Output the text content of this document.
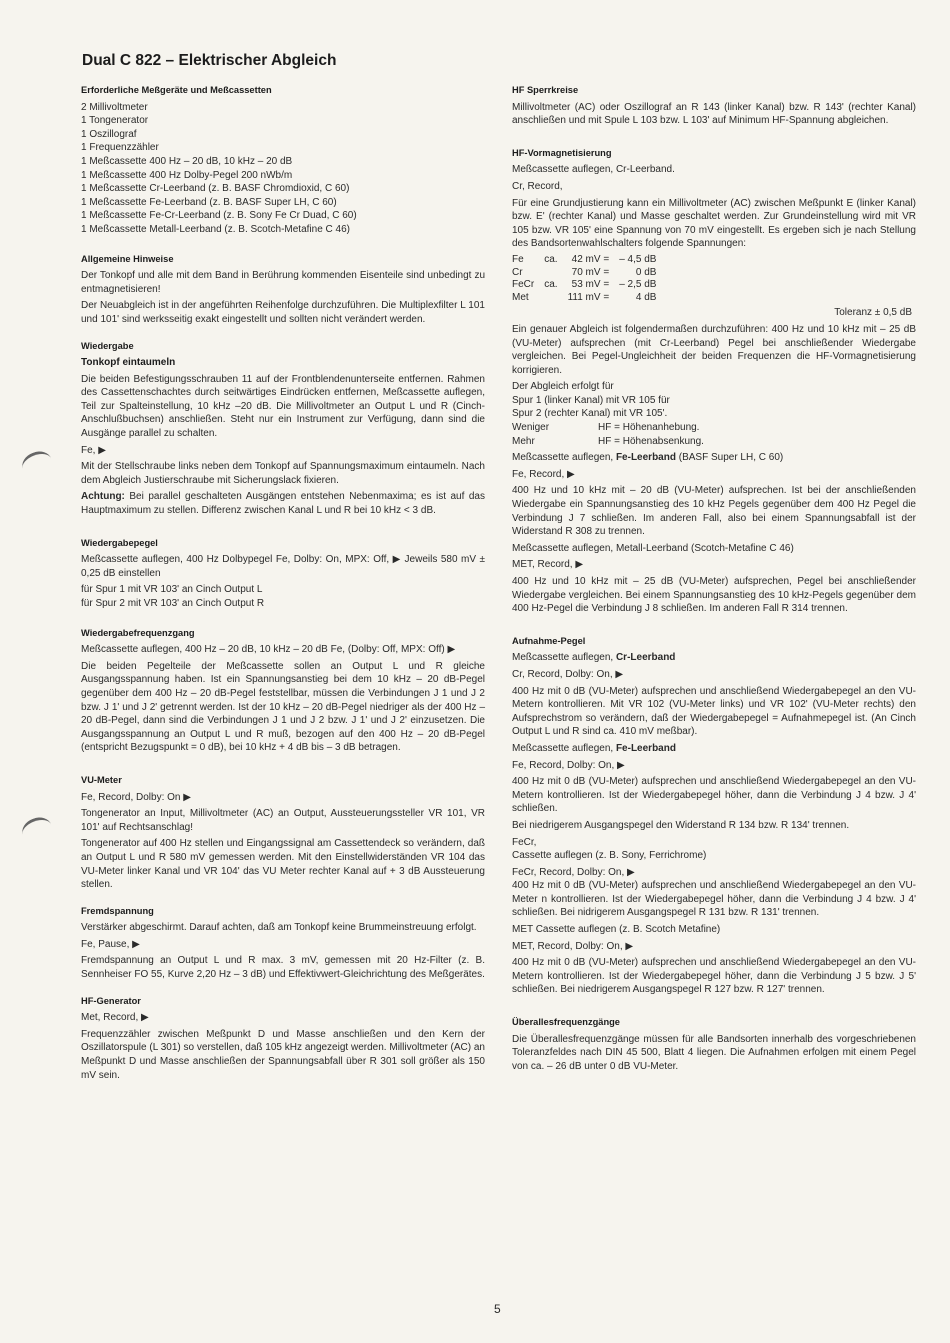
Dual C 822 – Elektrischer Abgleich
Erforderliche Meßgeräte und Meßcassetten
2 Millivoltmeter
1 Tongenerator
1 Oszillograf
1 Frequenzzähler
1 Meßcassette 400 Hz – 20 dB, 10 kHz – 20 dB
1 Meßcassette 400 Hz Dolby-Pegel 200 nWb/m
1 Meßcassette Cr-Leerband (z. B. BASF Chromdioxid, C 60)
1 Meßcassette Fe-Leerband (z. B. BASF Super LH, C 60)
1 Meßcassette Fe-Cr-Leerband (z. B. Sony Fe Cr Duad, C 60)
1 Meßcassette Metall-Leerband (z. B. Scotch-Metafine C 46)
Allgemeine Hinweise
Der Tonkopf und alle mit dem Band in Berührung kommenden Eisenteile sind unbedingt zu entmagnetisieren!
Der Neuabgleich ist in der angeführten Reihenfolge durchzuführen. Die Multiplexfilter L 101 und 101' sind werksseitig exakt eingestellt und sollten nicht verändert werden.
Wiedergabe
Tonkopf eintaumeln
Die beiden Befestigungsschrauben 11 auf der Frontblendenunterseite entfernen. Rahmen des Cassettenschachtes durch seitwärtiges Eindrücken entfernen, Meßcassette auflegen, Teil zur Spalteinstellung, 10 kHz –20 dB. Die Millivoltmeter an Output L und R (Cinch-Anschlußbuchsen) anschließen. Steht nur ein Instrument zur Verfügung, dann sind die Ausgänge parallel zu schalten.
Fe, ▶
Mit der Stellschraube links neben dem Tonkopf auf Spannungsmaximum eintaumeln. Nach dem Abgleich Justierschraube mit Sicherungslack fixieren.
Achtung: Bei parallel geschalteten Ausgängen entstehen Nebenmaxima; es ist auf das Hauptmaximum zu stellen. Differenz zwischen Kanal L und R bei 10 kHz < 3 dB.
Wiedergabepegel
Meßcassette auflegen, 400 Hz Dolbypegel Fe, Dolby: On, MPX: Off, ▶ Jeweils 580 mV ± 0,25 dB einstellen
für Spur 1 mit VR 103' an Cinch Output L
für Spur 2 mit VR 103' an Cinch Output R
Wiedergabefrequenzgang
Meßcassette auflegen, 400 Hz – 20 dB, 10 kHz – 20 dB Fe, (Dolby: Off, MPX: Off) ▶
Die beiden Pegelteile der Meßcassette sollen an Output L und R gleiche Ausgangsspannung haben. Ist ein Spannungsanstieg bei dem 10 kHz – 20 dB-Pegel gegenüber dem 400 Hz – 20 dB-Pegel feststellbar, müssen die Verbindungen J 1 und J 2 bzw. J 1' und J 2' getrennt werden. Ist der 10 kHz – 20 dB-Pegel niedriger als der 400 Hz – 20 dB-Pegel, dann sind die Verbindungen J 1 und J 2 bzw. J 1' und J 2' einzusetzen. Die Ausgangsspannung an Output L und R muß, bezogen auf den 400 Hz – 20 dB-Pegel (entspricht Bezugspunkt = 0 dB), bei 10 kHz + 4 dB bis – 3 dB betragen.
VU-Meter
Fe, Record, Dolby: On ▶
Tongenerator an Input, Millivoltmeter (AC) an Output, Aussteuerungssteller VR 101, VR 101' auf Rechtsanschlag!
Tongenerator auf 400 Hz stellen und Eingangssignal am Cassettendeck so verändern, daß an Output L und R 580 mV gemessen werden. Mit den Einstellwiderständen VR 104 das VU-Meter linker Kanal und VR 104' das VU Meter rechter Kanal auf + 3 dB Aussteuerung stellen.
Fremdspannung
Verstärker abgeschirmt. Darauf achten, daß am Tonkopf keine Brummeinstreuung erfolgt.
Fe, Pause, ▶
Fremdspannung an Output L und R max. 3 mV, gemessen mit 20 Hz-Filter (z. B. Sennheiser FO 55, Kurve 2,20 Hz – 3 dB) und Effektivwert-Gleichrichtung des Meßgerätes.
HF-Generator
Met, Record, ▶
Frequenzzähler zwischen Meßpunkt D und Masse anschließen und den Kern der Oszillatorspule (L 301) so verstellen, daß 105 kHz angezeigt werden. Millivoltmeter (AC) an Meßpunkt D und Masse anschließen der Spannungsabfall über R 301 soll größer als 150 mV sein.
HF Sperrkreise
Millivoltmeter (AC) oder Oszillograf an R 143 (linker Kanal) bzw. R 143' (rechter Kanal) anschließen und mit Spule L 103 bzw. L 103' auf Minimum HF-Spannung abgleichen.
HF-Vormagnetisierung
Meßcassette auflegen, Cr-Leerband.
Cr, Record,
Für eine Grundjustierung kann ein Millivoltmeter (AC) zwischen Meßpunkt E (linker Kanal) bzw. E' (rechter Kanal) und Masse geschaltet werden. Zur Grundeinstellung wird mit VR 105 bzw. VR 105' eine Spannung von 70 mV eingestellt. Es ergeben sich je nach Stellung des Bandsortenwahlschalters folgende Spannungen:
Fe	ca.	42 mV =	– 4,5 dB
Cr		70 mV =	0 dB
FeCr	ca.	53 mV =	– 2,5 dB
Met		111 mV =	4 dB
Toleranz ± 0,5 dB
Ein genauer Abgleich ist folgendermaßen durchzuführen: 400 Hz und 10 kHz mit – 25 dB (VU-Meter) aufsprechen (mit Cr-Leerband) Pegel bei anschließender Wiedergabe vergleichen. Bei Pegel-Ungleichheit der beiden Frequenzen die HF-Vormagnetisierung korrigieren.
Der Abgleich erfolgt für
Spur 1 (linker Kanal) mit VR 105 für
Spur 2 (rechter Kanal) mit VR 105'.
Weniger	HF = Höhenanhebung.
Mehr	HF = Höhenabsenkung.
Meßcassette auflegen, Fe-Leerband (BASF Super LH, C 60)
Fe, Record, ▶
400 Hz und 10 kHz mit – 20 dB (VU-Meter) aufsprechen. Ist bei der anschließenden Wiedergabe ein Spannungsanstieg des 10 kHz Pegels gegenüber dem 400 Hz Pegel die Verbindung J 7 schließen. Im anderen Fall, also bei einem Spannungsabfall ist der Widerstand R 308 zu trennen.
Meßcassette auflegen, Metall-Leerband (Scotch-Metafine C 46)
MET, Record, ▶
400 Hz und 10 kHz mit – 25 dB (VU-Meter) aufsprechen, Pegel bei anschließender Wiedergabe vergleichen. Bei einem Spannungsanstieg des 10 kHz-Pegels gegenüber dem 400 Hz-Pegel die Verbindung J 8 schließen. Im anderen Fall R 314 trennen.
Aufnahme-Pegel
Meßcassette auflegen, Cr-Leerband
Cr, Record, Dolby: On, ▶
400 Hz mit 0 dB (VU-Meter) aufsprechen und anschließend Wiedergabepegel an den VU-Metern kontrollieren. Mit VR 102 (VU-Meter links) und VR 102' (VU-Meter rechts) den Aufsprechstrom so verändern, daß der Wiedergabepegel = Aufnahmepegel ist. (An Cinch Output L und R sind ca. 410 mV meßbar).
Meßcassette auflegen, Fe-Leerband
Fe, Record, Dolby: On, ▶
400 Hz mit 0 dB (VU-Meter) aufsprechen und anschließend Wiedergabepegel an den VU-Metern kontrollieren. Ist der Wiedergabepegel höher, dann die Verbindung J 4 bzw. J 4' schließen.
Bei niedrigerem Ausgangspegel den Widerstand R 134 bzw. R 134' trennen.
FeCr,
Cassette auflegen (z. B. Sony, Ferrichrome)
FeCr, Record, Dolby: On, ▶
400 Hz mit 0 dB (VU-Meter) aufsprechen und anschließend Wiedergabepegel an den VU-Meter n kontrollieren. Ist der Wiedergabepegel höher, dann die Verbindung J 4 bzw. J 4' schließen. Bei nidrigerem Ausgangspegel R 131 bzw. R 131' trennen.
MET Cassette auflegen (z. B. Scotch Metafine)
MET, Record, Dolby: On, ▶
400 Hz mit 0 dB (VU-Meter) aufsprechen und anschließend Wiedergabepegel an den VU-Metern kontrollieren. Ist der Wiedergabepegel höher, dann die Verbindung J 5 bzw. J 5' schließen. Bei niedrigerem Ausgangspegel R 127 bzw. R 127' trennen.
Überallesfrequenzgänge
Die Überallesfrequenzgänge müssen für alle Bandsorten innerhalb des vorgeschriebenen Toleranzfeldes nach DIN 45 500, Blatt 4 liegen. Die Aufnahmen erfolgen mit einem Pegel von ca. – 26 dB unter 0 dB VU-Meter.
5
